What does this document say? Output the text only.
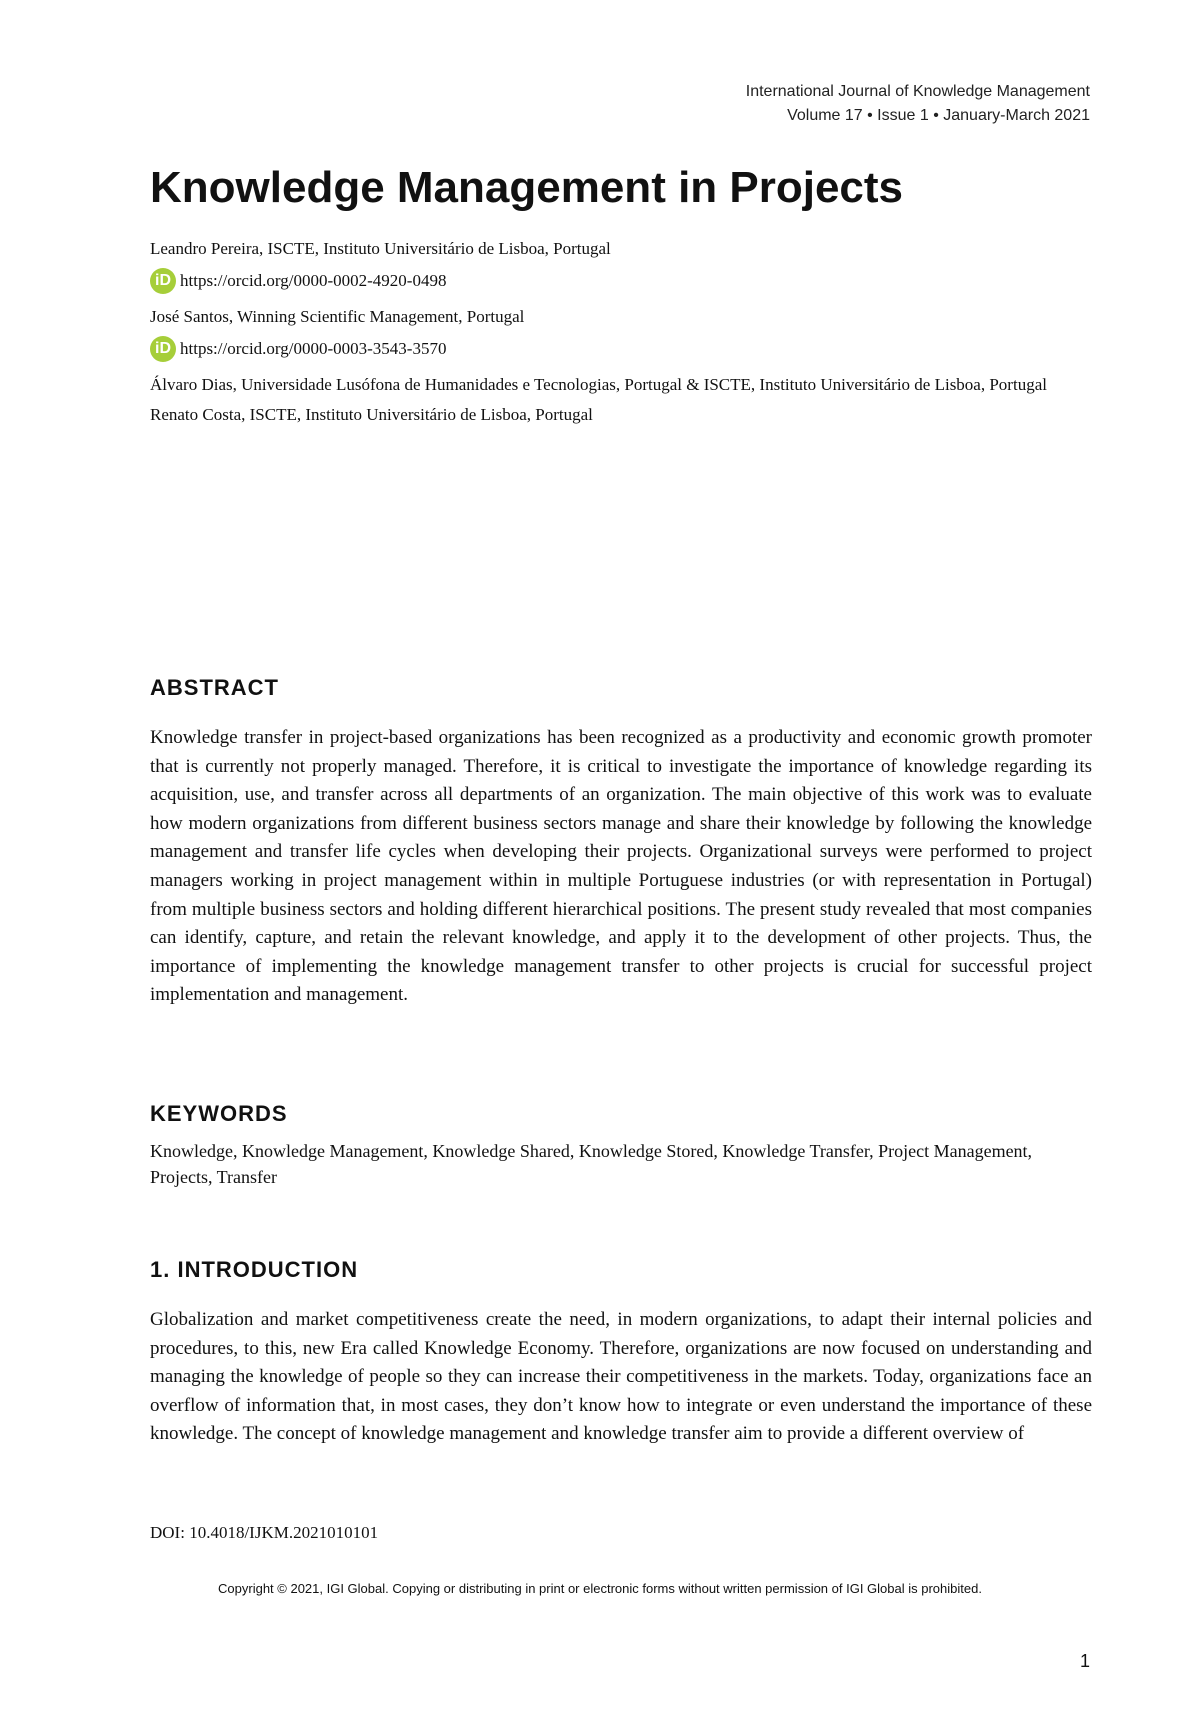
International Journal of Knowledge Management
Volume 17 • Issue 1 • January-March 2021
Knowledge Management in Projects
Leandro Pereira, ISCTE, Instituto Universitário de Lisboa, Portugal
iD https://orcid.org/0000-0002-4920-0498
José Santos, Winning Scientific Management, Portugal
iD https://orcid.org/0000-0003-3543-3570
Álvaro Dias, Universidade Lusófona de Humanidades e Tecnologias, Portugal & ISCTE, Instituto Universitário de Lisboa, Portugal
Renato Costa, ISCTE, Instituto Universitário de Lisboa, Portugal
ABSTRACT

Knowledge transfer in project-based organizations has been recognized as a productivity and economic growth promoter that is currently not properly managed. Therefore, it is critical to investigate the importance of knowledge regarding its acquisition, use, and transfer across all departments of an organization. The main objective of this work was to evaluate how modern organizations from different business sectors manage and share their knowledge by following the knowledge management and transfer life cycles when developing their projects. Organizational surveys were performed to project managers working in project management within in multiple Portuguese industries (or with representation in Portugal) from multiple business sectors and holding different hierarchical positions. The present study revealed that most companies can identify, capture, and retain the relevant knowledge, and apply it to the development of other projects. Thus, the importance of implementing the knowledge management transfer to other projects is crucial for successful project implementation and management.

KEYWORDS

Knowledge, Knowledge Management, Knowledge Shared, Knowledge Stored, Knowledge Transfer, Project Management, Projects, Transfer

1. INTRODUCTION

Globalization and market competitiveness create the need, in modern organizations, to adapt their internal policies and procedures, to this, new Era called Knowledge Economy. Therefore, organizations are now focused on understanding and managing the knowledge of people so they can increase their competitiveness in the markets. Today, organizations face an overflow of information that, in most cases, they don’t know how to integrate or even understand the importance of these knowledge. The concept of knowledge management and knowledge transfer aim to provide a different overview of

DOI: 10.4018/IJKM.2021010101

Copyright © 2021, IGI Global. Copying or distributing in print or electronic forms without written permission of IGI Global is prohibited.

1
